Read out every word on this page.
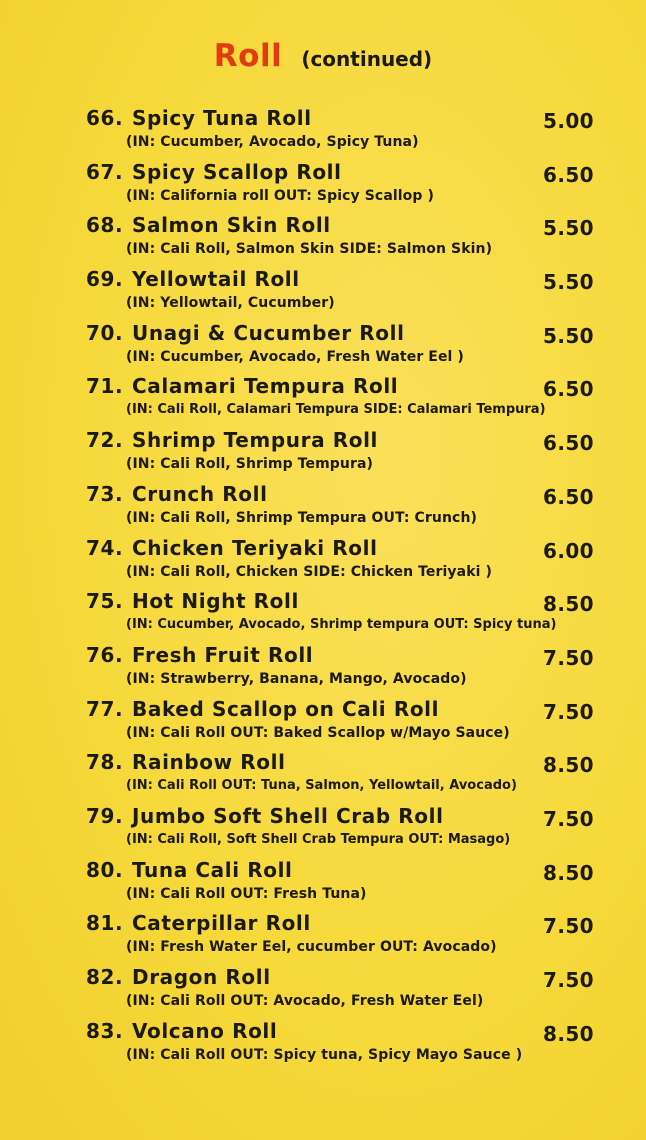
Roll (continued)
66. Spicy Tuna Roll	5.00
(IN: Cucumber, Avocado, Spicy Tuna)
67. Spicy Scallop Roll	6.50
(IN: California roll OUT: Spicy Scallop )
68. Salmon Skin Roll	5.50
(IN: Cali Roll, Salmon Skin SIDE: Salmon Skin)
69. Yellowtail Roll	5.50
(IN: Yellowtail, Cucumber)
70. Unagi & Cucumber Roll	5.50
(IN: Cucumber, Avocado, Fresh Water Eel )
71. Calamari Tempura Roll	6.50
(IN: Cali Roll, Calamari Tempura SIDE: Calamari Tempura)
72. Shrimp Tempura Roll	6.50
(IN: Cali Roll, Shrimp Tempura)
73. Crunch Roll	6.50
(IN: Cali Roll, Shrimp Tempura OUT: Crunch)
74. Chicken Teriyaki Roll	6.00
(IN: Cali Roll, Chicken SIDE: Chicken Teriyaki )
75. Hot Night Roll	8.50
(IN: Cucumber, Avocado, Shrimp tempura OUT: Spicy tuna)
76. Fresh Fruit Roll	7.50
(IN: Strawberry, Banana, Mango, Avocado)
77. Baked Scallop on Cali Roll	7.50
(IN: Cali Roll OUT: Baked Scallop w/Mayo Sauce)
78. Rainbow Roll	8.50
(IN: Cali Roll OUT: Tuna, Salmon, Yellowtail, Avocado)
79. Jumbo Soft Shell Crab Roll	7.50
(IN: Cali Roll, Soft Shell Crab Tempura OUT: Masago)
80. Tuna Cali Roll	8.50
(IN: Cali Roll OUT: Fresh Tuna)
81. Caterpillar Roll	7.50
(IN: Fresh Water Eel, cucumber OUT: Avocado)
82. Dragon Roll	7.50
(IN: Cali Roll OUT: Avocado, Fresh Water Eel)
83. Volcano Roll	8.50
(IN: Cali Roll OUT: Spicy tuna, Spicy Mayo Sauce )
